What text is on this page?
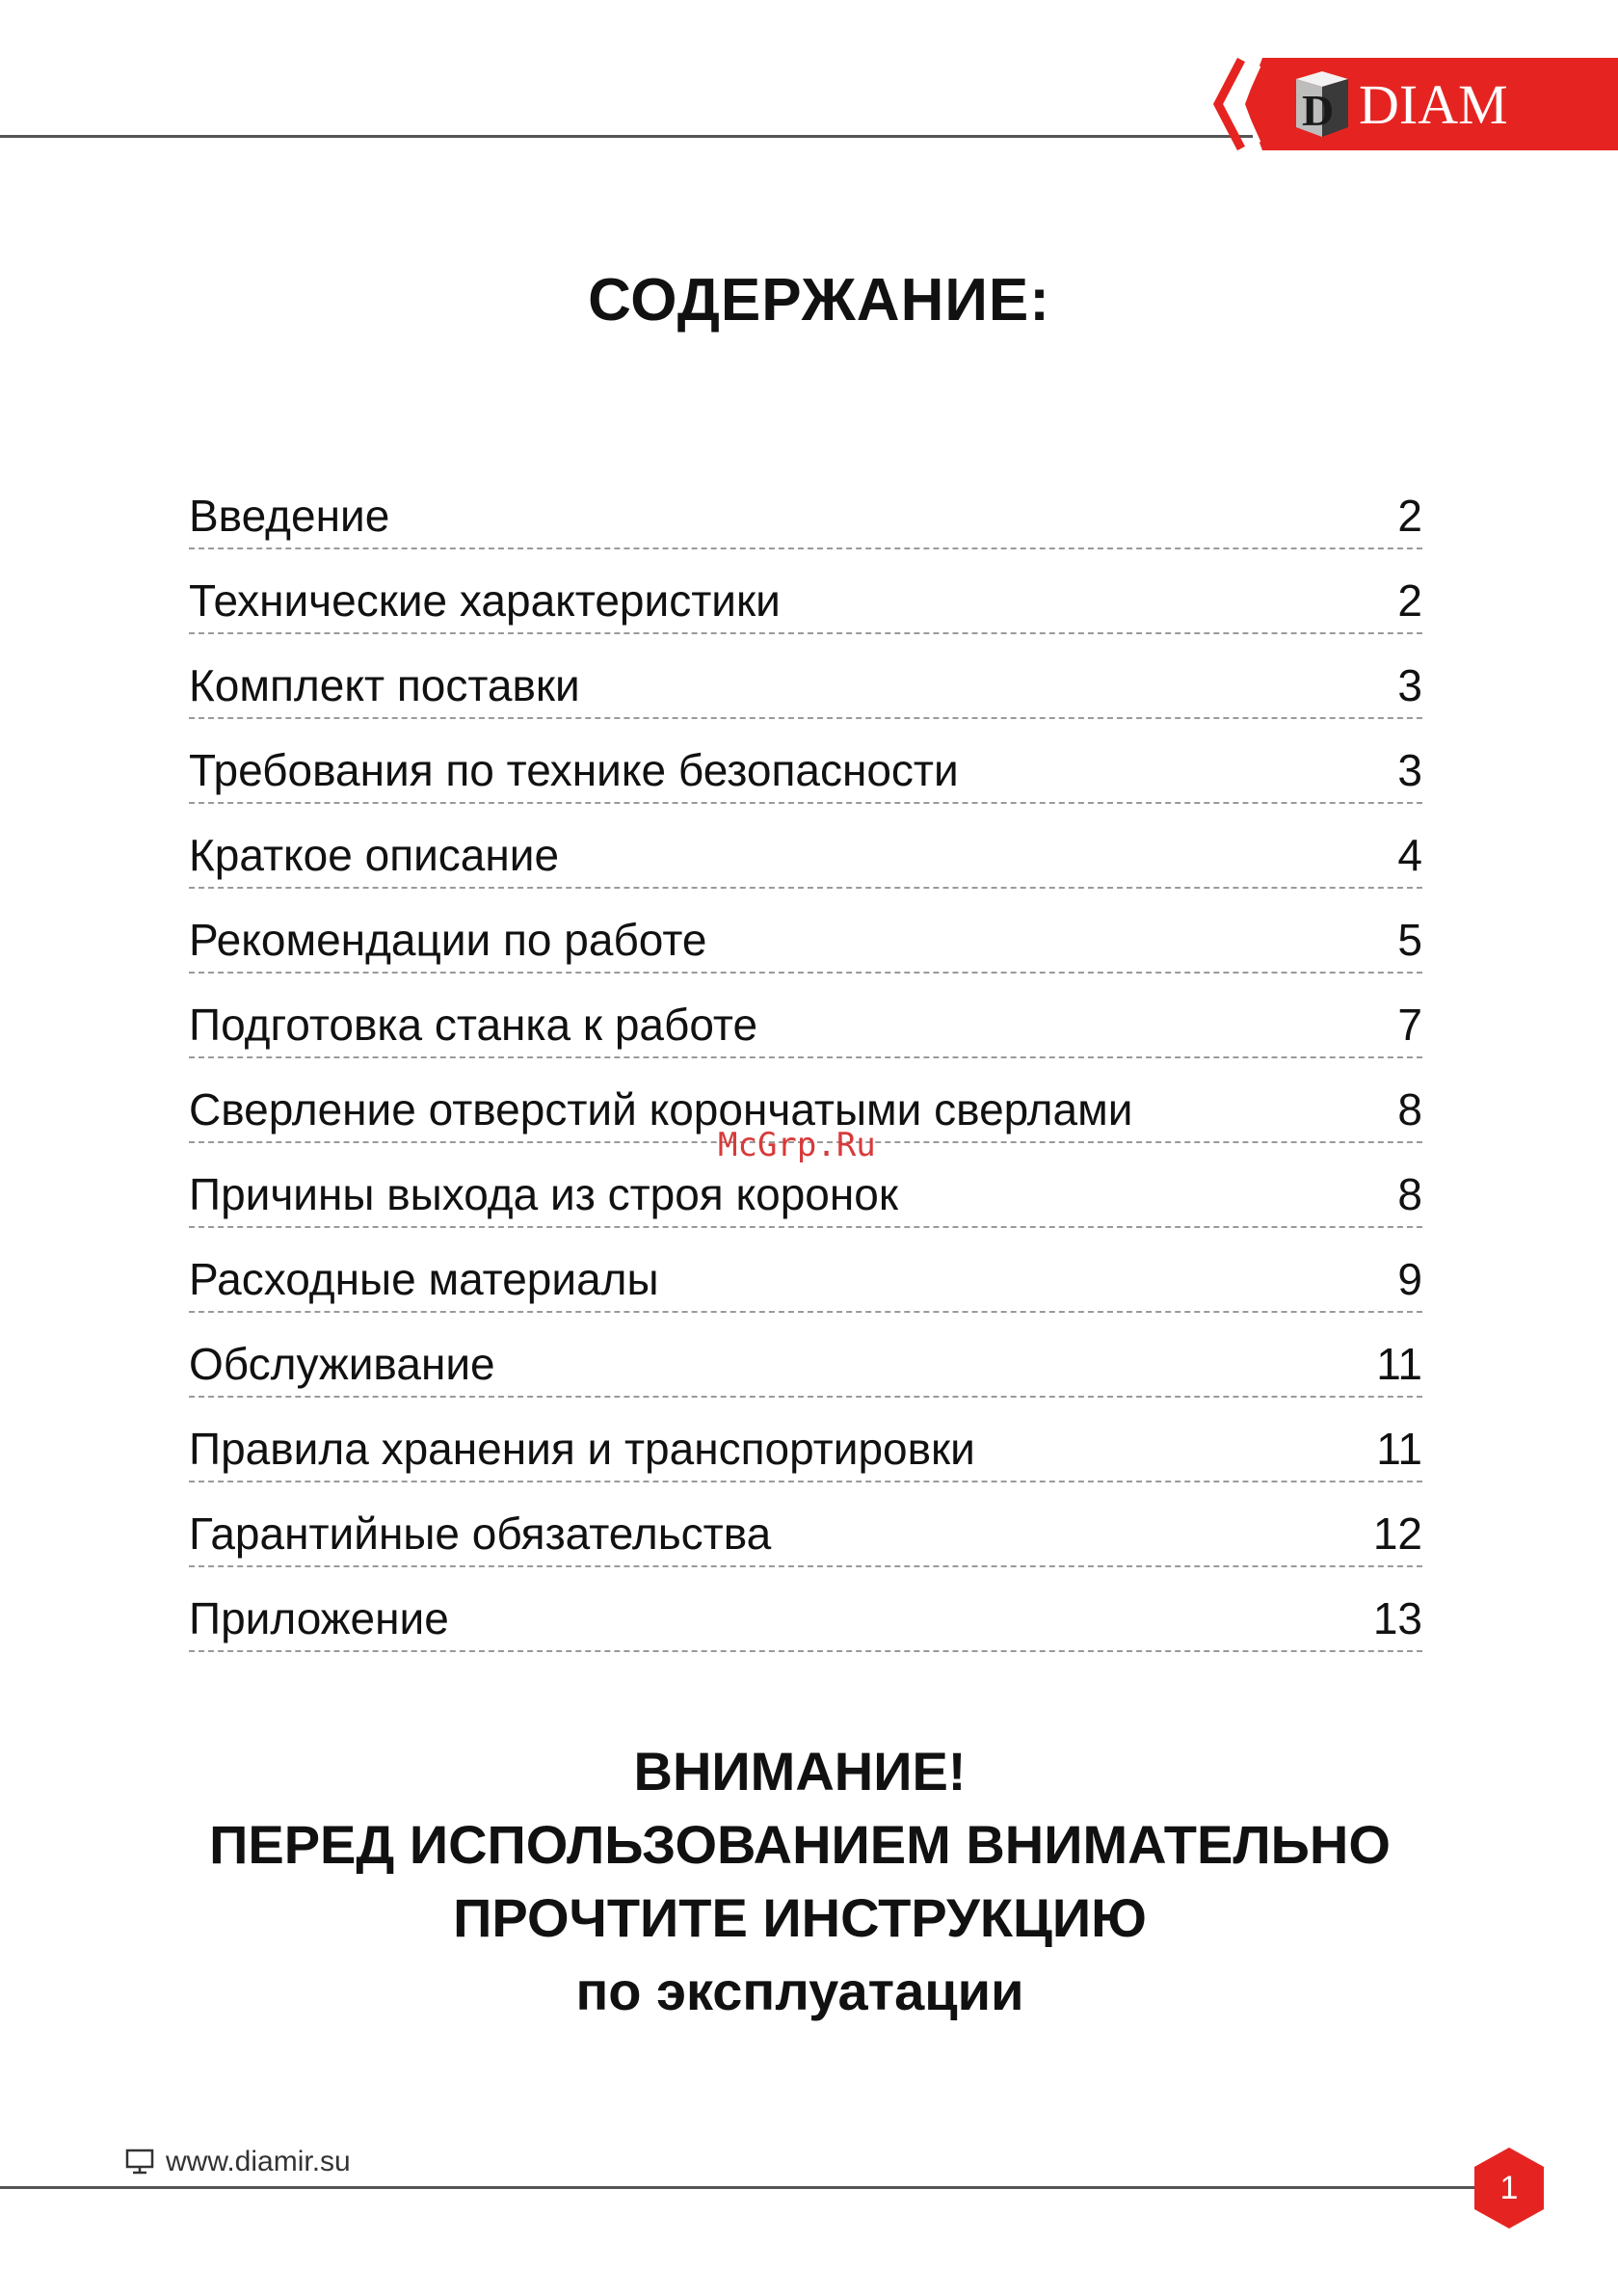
D DIAM
СОДЕРЖАНИЕ:
Введение	2
Технические характеристики	2
Комплект поставки	3
Требования по технике безопасности	3
Краткое описание	4
Рекомендации по работе	5
Подготовка станка к работе	7
Сверление отверстий корончатыми сверлами	8
Причины выхода из строя коронок	8
Расходные материалы	9
Обслуживание	11
Правила хранения и транспортировки	11
Гарантийные обязательства	12
Приложение	13
McGrp.Ru
ВНИМАНИЕ!
ПЕРЕД ИСПОЛЬЗОВАНИЕМ ВНИМАТЕЛЬНО
ПРОЧТИТЕ ИНСТРУКЦИЮ
по эксплуатации
www.diamir.su
1
